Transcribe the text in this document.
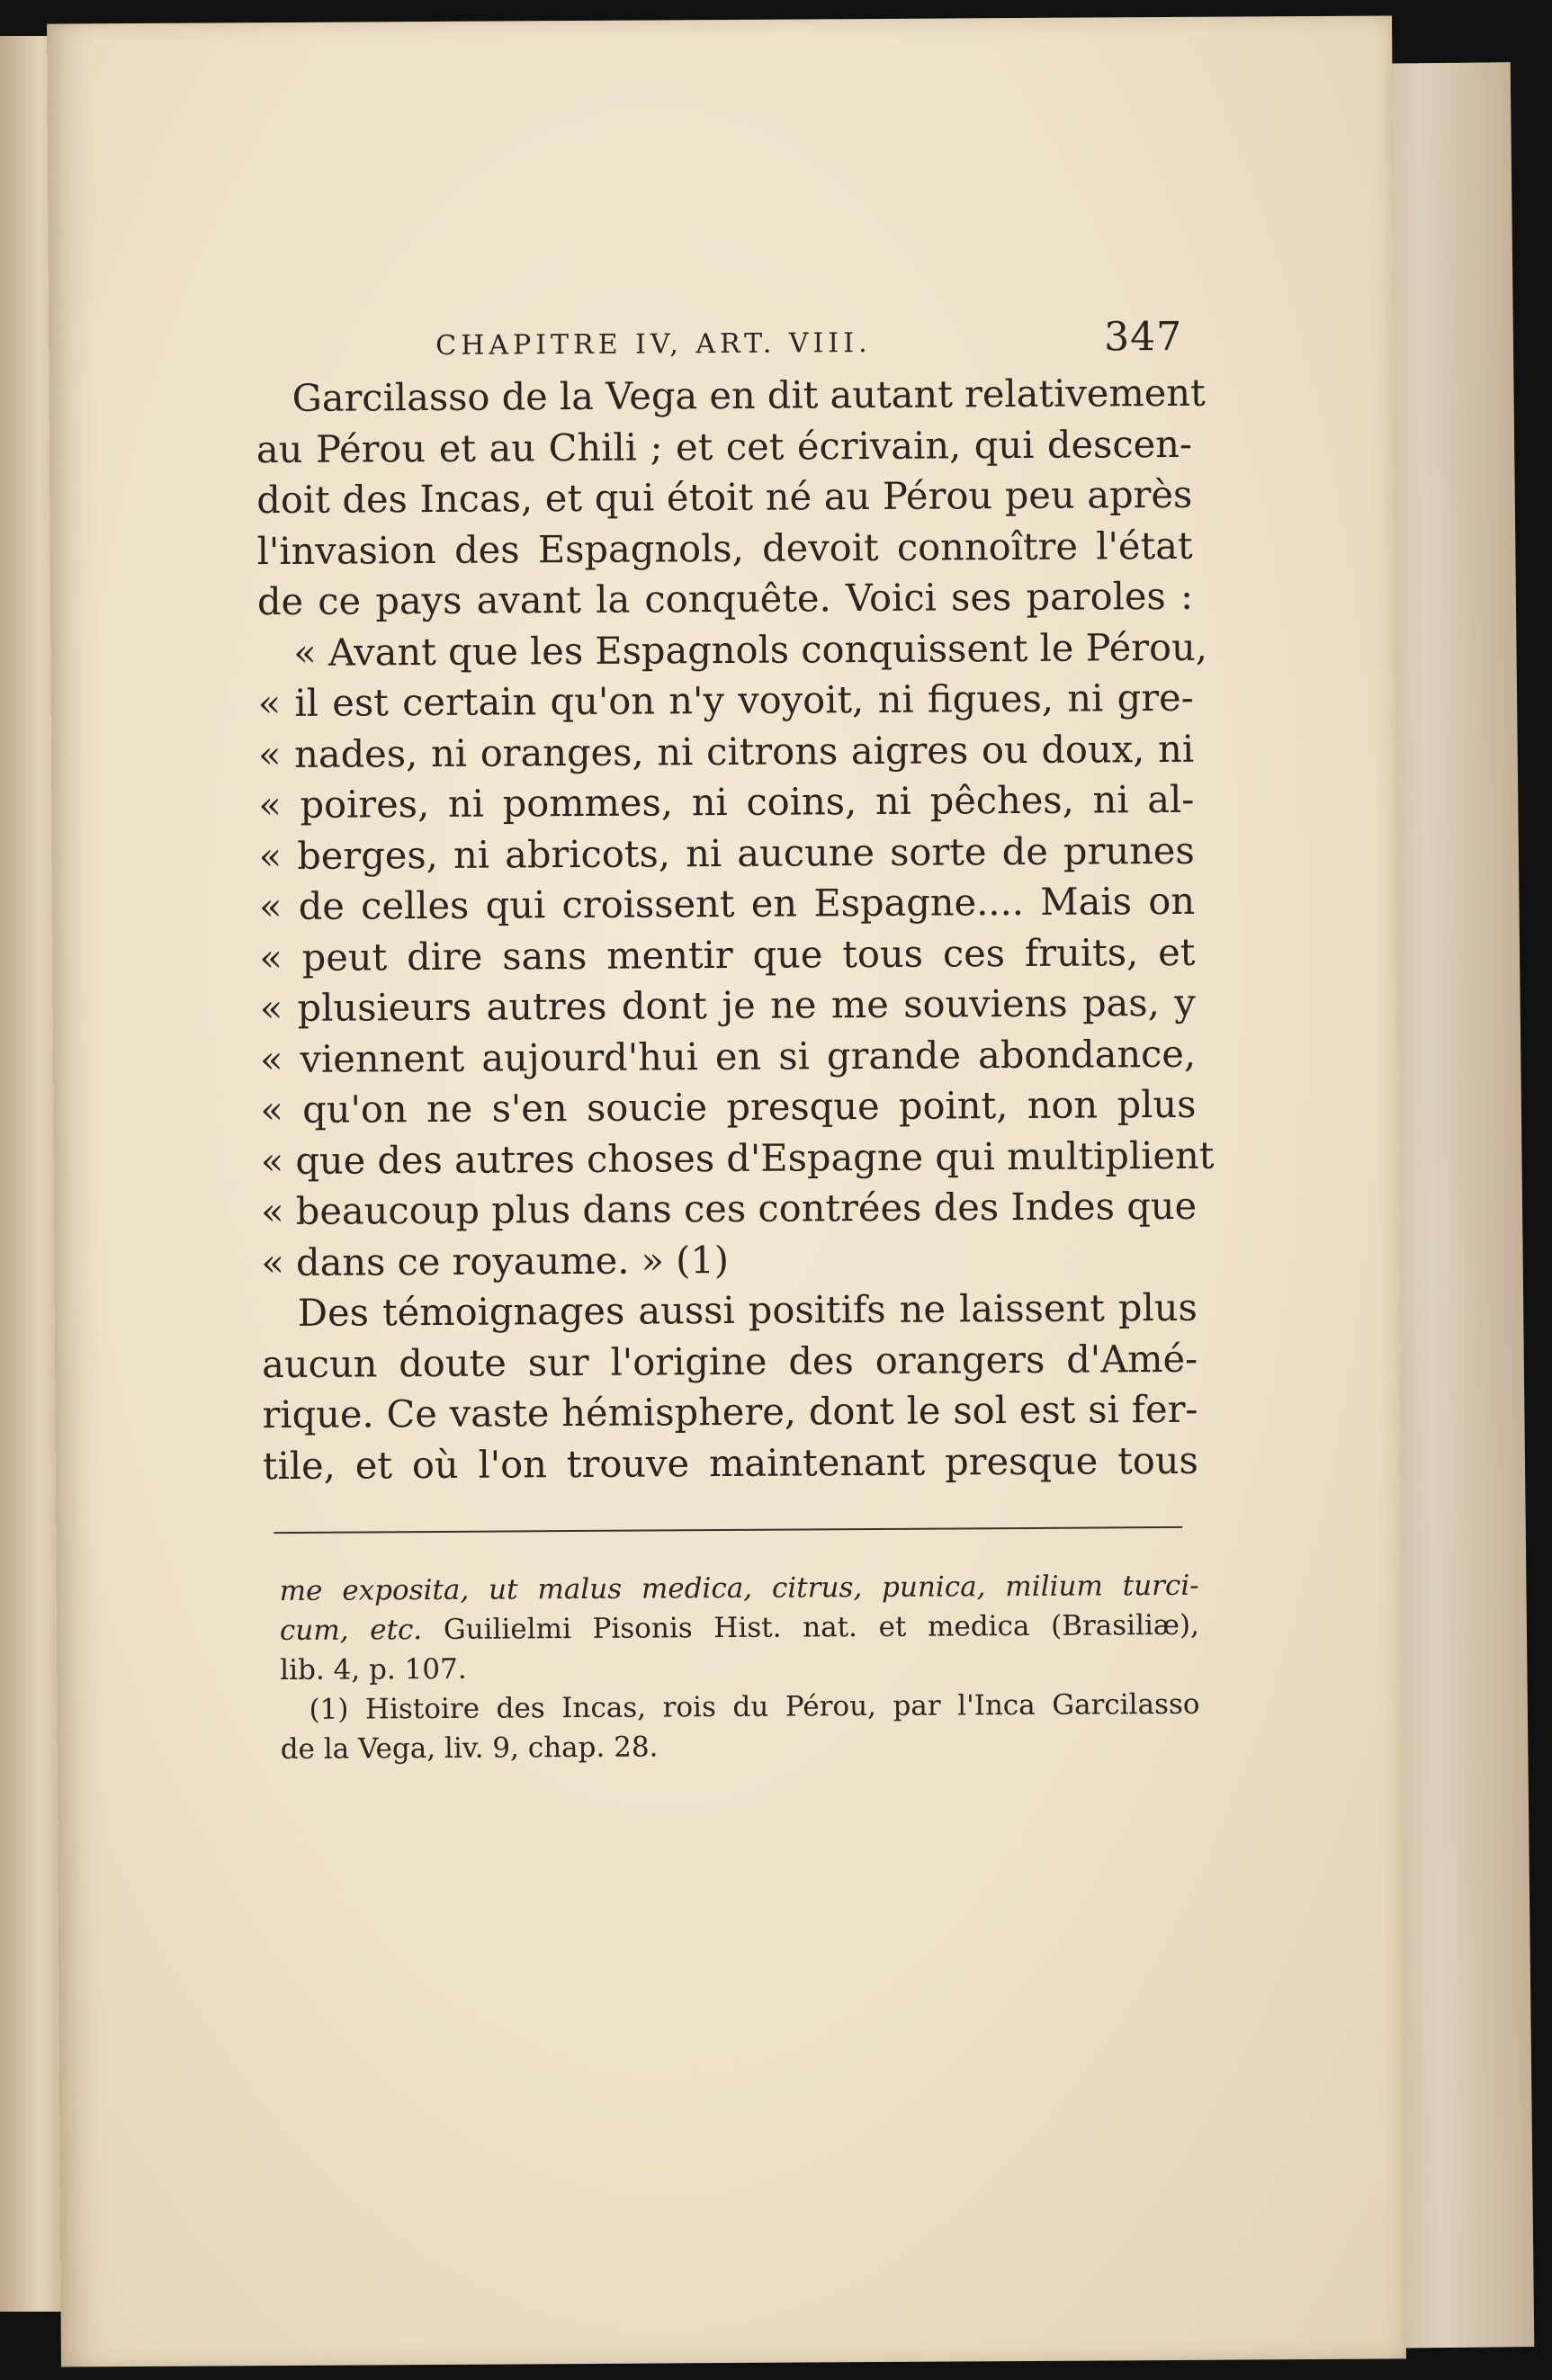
CHAPITRE IV, ART. VIII.	347
Garcilasso de la Vega en dit autant relativement
au Pérou et au Chili ; et cet écrivain, qui descen-
doit des Incas, et qui étoit né au Pérou peu après
l'invasion des Espagnols, devoit connoître l'état
de ce pays avant la conquête. Voici ses paroles :
« Avant que les Espagnols conquissent le Pérou,
« il est certain qu'on n'y voyoit, ni figues, ni gre-
« nades, ni oranges, ni citrons aigres ou doux, ni
« poires, ni pommes, ni coins, ni pêches, ni al-
« berges, ni abricots, ni aucune sorte de prunes
« de celles qui croissent en Espagne.... Mais on
« peut dire sans mentir que tous ces fruits, et
« plusieurs autres dont je ne me souviens pas, y
« viennent aujourd'hui en si grande abondance,
« qu'on ne s'en soucie presque point, non plus
« que des autres choses d'Espagne qui multiplient
« beaucoup plus dans ces contrées des Indes que
« dans ce royaume. » (1)
Des témoignages aussi positifs ne laissent plus
aucun doute sur l'origine des orangers d'Amé-
rique. Ce vaste hémisphere, dont le sol est si fer-
tile, et où l'on trouve maintenant presque tous
me exposita, ut malus medica, citrus, punica, milium turci-
cum, etc. Guilielmi Pisonis Hist. nat. et medica (Brasiliæ),
lib. 4, p. 107.
(1) Histoire des Incas, rois du Pérou, par l'Inca Garcilasso
de la Vega, liv. 9, chap. 28.
